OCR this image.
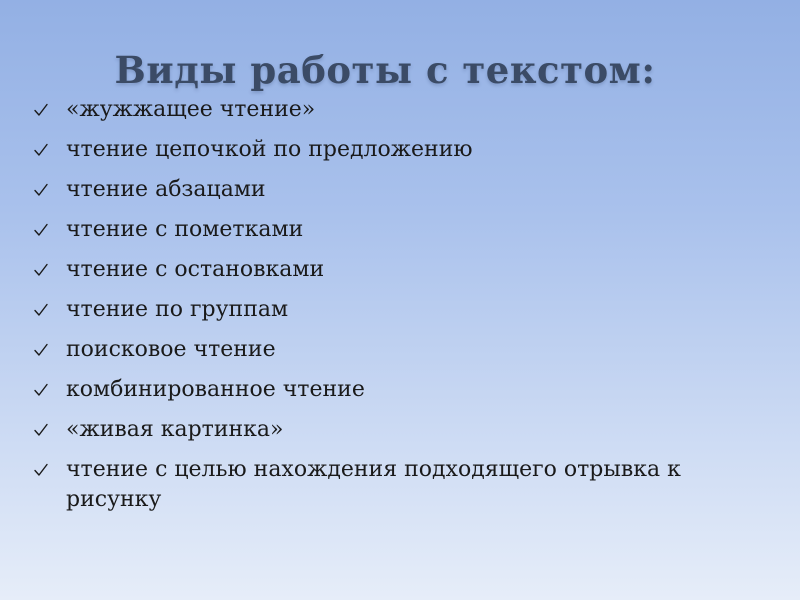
Виды работы с текстом:
«жужжащее чтение»
чтение цепочкой по предложению
чтение абзацами
чтение с пометками
чтение с остановками
чтение по группам
поисковое чтение
комбинированное чтение
«живая картинка»
чтение с целью нахождения подходящего отрывка к рисунку
